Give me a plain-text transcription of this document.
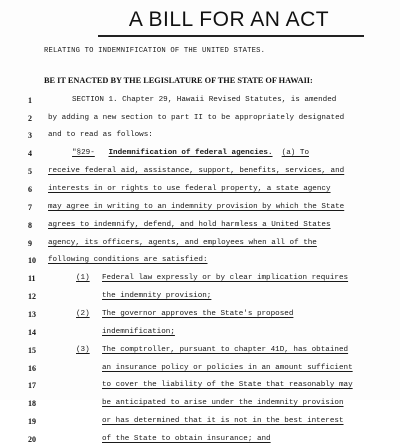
A BILL FOR AN ACT
RELATING TO INDEMNIFICATION OF THE UNITED STATES.
BE IT ENACTED BY THE LEGISLATURE OF THE STATE OF HAWAII:
1	SECTION 1. Chapter 29, Hawaii Revised Statutes, is amended
2	by adding a new section to part II to be appropriately designated
3	and to read as follows:
4	"§29- Indemnification of federal agencies. (a) To
5	receive federal aid, assistance, support, benefits, services, and
6	interests in or rights to use federal property, a state agency
7	may agree in writing to an indemnity provision by which the State
8	agrees to indemnify, defend, and hold harmless a United States
9	agency, its officers, agents, and employees when all of the
10	following conditions are satisfied:
11	(1) Federal law expressly or by clear implication requires
12	the indemnity provision;
13	(2) The governor approves the State's proposed
14	indemnification;
15	(3) The comptroller, pursuant to chapter 41D, has obtained
16	an insurance policy or policies in an amount sufficient
17	to cover the liability of the State that reasonably may
18	be anticipated to arise under the indemnity provision
19	or has determined that it is not in the best interest
20	of the State to obtain insurance; and
